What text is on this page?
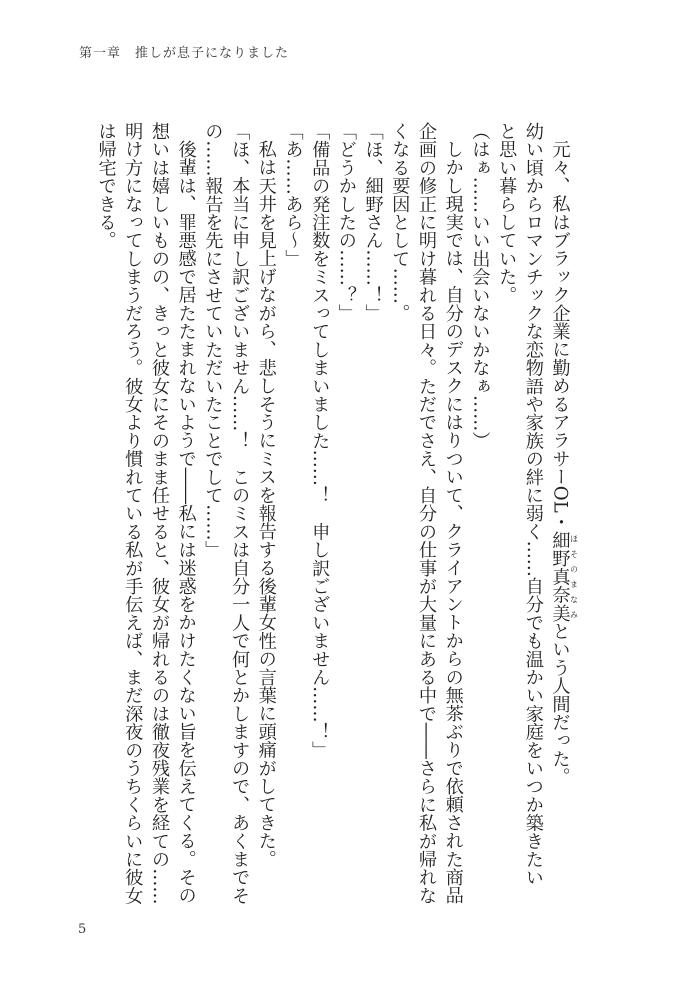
第一章　推しが息子になりました

元々、私はブラック企業に勤めるアラサーOL・細野真奈美 ほそのまなみという人間だった。

幼い頃からロマンチックな恋物語や家族の絆に弱く……自分でも温かい家庭をいつか築きたい

と思い暮らしていた。

（はぁ……いい出会いないかなぁ……）

しかし現実では、自分のデスクにはりついて、クライアントからの無茶ぶりで依頼された商品

企画の修正に明け暮れる日々。ただでさえ、自分の仕事が大量にある中で――さらに私が帰れな

くなる要因として……。

「ほ、細野さん……！」

「どうかしたの……？」

「備品の発注数をミスってしまいました……！　申し訳ございません……！」

「あ……あら～」

私は天井を見上げながら、悲しそうにミスを報告する後輩女性の言葉に頭痛がしてきた。

「ほ、本当に申し訳ございません……！　このミスは自分一人で何とかしますので、あくまでそ

の……報告を先にさせていただいたことでして……」

後輩は、罪悪感で居たたまれないようで――私には迷惑をかけたくない旨を伝えてくる。その

想いは嬉しいものの、きっと彼女にそのまま任せると、彼女が帰れるのは徹夜残業を経ての……

明け方になってしまうだろう。彼女より慣れている私が手伝えば、まだ深夜のうちくらいに彼女

は帰宅できる。

5
